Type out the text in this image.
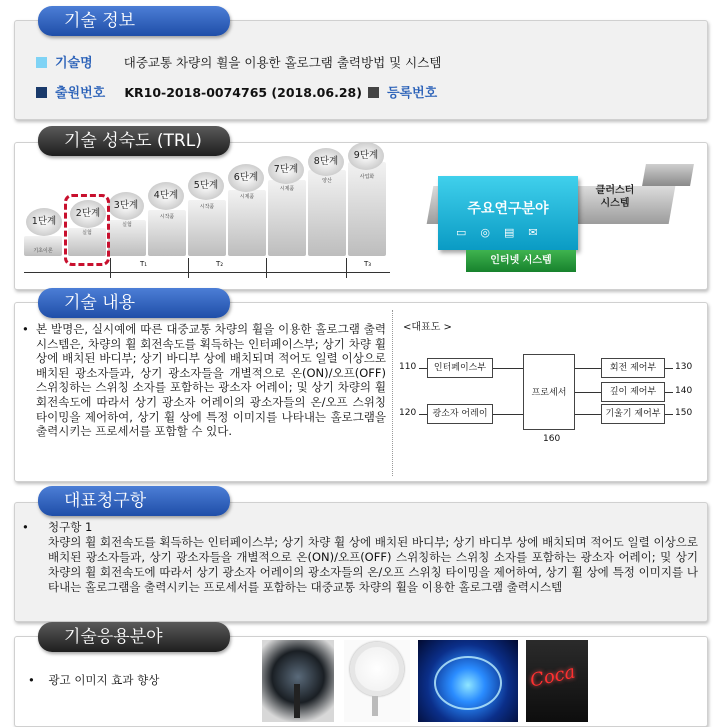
기술 정보
기술명 대중교통 차량의 휠을 이용한 홀로그램 출력방법 및 시스템
출원번호 KR10-2018-0074765 (2018.06.28)	등록번호
기술 성숙도 (TRL)
1단계
기초이론
2단계
실험
3단계
실험
4단계
시작품
5단계
시작품
6단계
시제품
7단계
시제품
8단계
양산
9단계
사업화
T₁	T₂	T₃
주요연구분야
▭◎▤✉
클러스터
시스템
인터넷 시스템
기술 내용
• 본 발명은, 실시예에 따른 대중교통 차량의 휠을 이용한 홀로그램 출력 시스템은, 차량의 휠 회전속도를 획득하는 인터페이스부; 상기 차량 휠 상에 배치된 바디부; 상기 바디부 상에 배치되며 적어도 일렬 이상으로 배치된 광소자들과, 상기 광소자들을 개별적으로 온(ON)/오프(OFF) 스위칭하는 스위칭 소자를 포함하는 광소자 어레이; 및 상기 차량의 휠 회전속도에 따라서 상기 광소자 어레이의 광소자들의 온/오프 스위칭 타이밍을 제어하여, 상기 휠 상에 특정 이미지를 나타내는 홀로그램을 출력시키는 프로세서를 포함할 수 있다.
<대표도 >
110	인터페이스부
120	광소자 어레이
프로세서
160
회전 제어부
깊이 제어부
기울기 제어부
130
140
150
대표청구항
•	청구항 1
차량의 휠 회전속도를 획득하는 인터페이스부; 상기 차량 휠 상에 배치된 바디부; 상기 바디부 상에 배치되며 적어도 일렬 이상으로 배치된 광소자들과, 상기 광소자들을 개별적으로 온(ON)/오프(OFF) 스위칭하는 스위칭 소자를 포함하는 광소자 어레이; 및 상기 차량의 휠 회전속도에 따라서 상기 광소자 어레이의 광소자들의 온/오프 스위칭 타이밍을 제어하여, 상기 휠 상에 특정 이미지를 나타내는 홀로그램을 출력시키는 프로세서를 포함하는 대중교통 차량의 휠을 이용한 홀로그램 출력시스템
기술응용분야
• 광고 이미지 효과 향상	Coca
